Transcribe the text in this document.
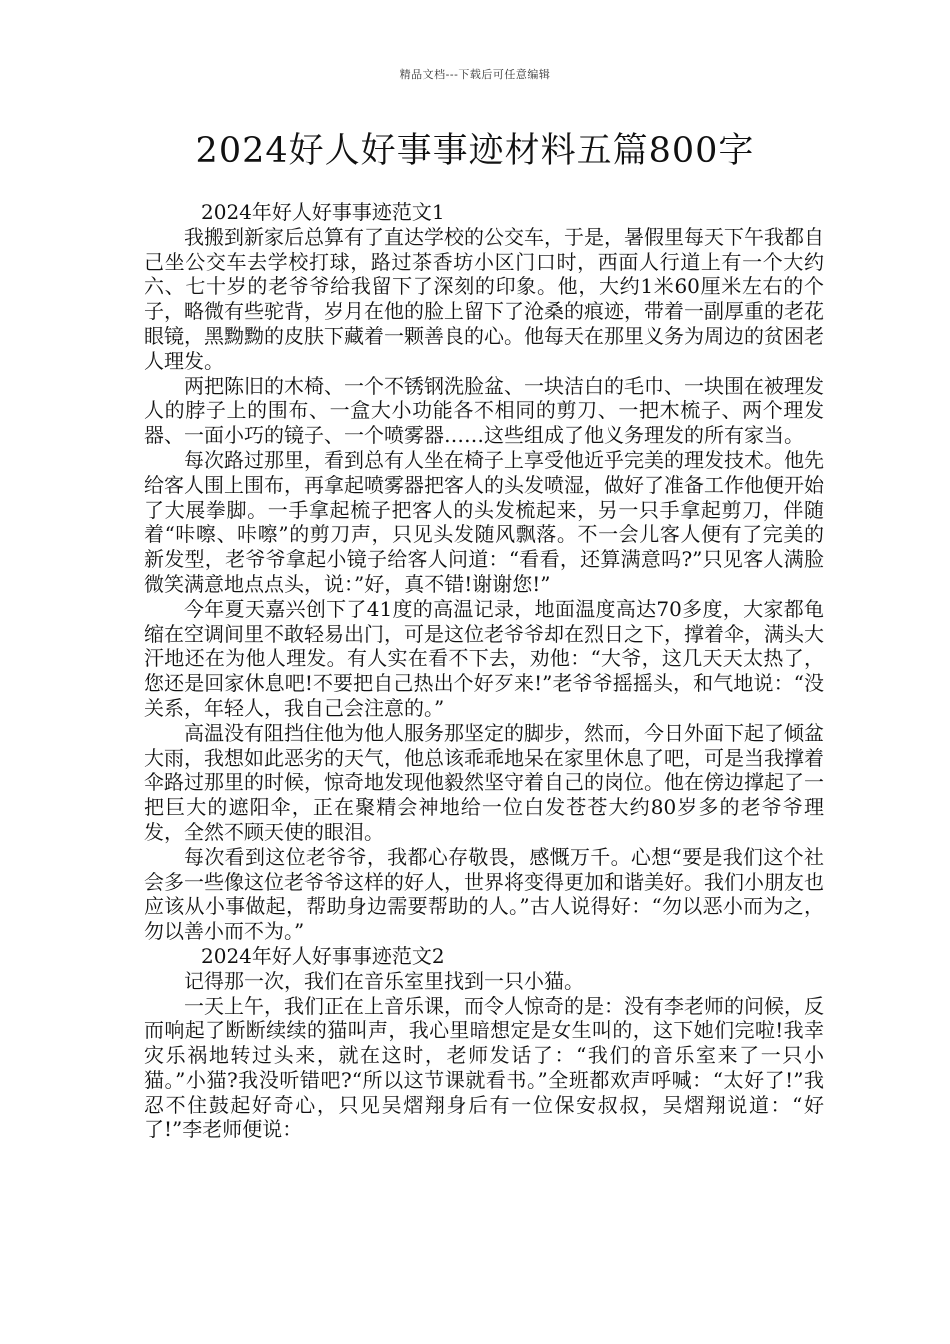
精品文档---下载后可任意编辑
2024好人好事事迹材料五篇800字

2024年好人好事事迹范文1

我搬到新家后总算有了直达学校的公交车，于是，暑假里每天下午我都自己坐公交车去学校打球，路过茶香坊小区门口时，西面人行道上有一个大约六、七十岁的老爷爷给我留下了深刻的印象。他，大约1米60厘米左右的个子，略微有些驼背，岁月在他的脸上留下了沧桑的痕迹，带着一副厚重的老花眼镜，黑黝黝的皮肤下藏着一颗善良的心。他每天在那里义务为周边的贫困老人理发。

两把陈旧的木椅、一个不锈钢洗脸盆、一块洁白的毛巾、一块围在被理发人的脖子上的围布、一盒大小功能各不相同的剪刀、一把木梳子、两个理发器、一面小巧的镜子、一个喷雾器……这些组成了他义务理发的所有家当。

每次路过那里，看到总有人坐在椅子上享受他近乎完美的理发技术。他先给客人围上围布，再拿起喷雾器把客人的头发喷湿，做好了准备工作他便开始了大展拳脚。一手拿起梳子把客人的头发梳起来，另一只手拿起剪刀，伴随着“咔嚓、咔嚓”的剪刀声，只见头发随风飘落。不一会儿客人便有了完美的新发型，老爷爷拿起小镜子给客人问道：“看看，还算满意吗?”只见客人满脸微笑满意地点点头，说：”好，真不错!谢谢您!”

今年夏天嘉兴创下了41度的高温记录，地面温度高达70多度，大家都龟缩在空调间里不敢轻易出门，可是这位老爷爷却在烈日之下，撑着伞，满头大汗地还在为他人理发。有人实在看不下去，劝他：“大爷，这几天天太热了，您还是回家休息吧!不要把自己热出个好歹来!”老爷爷摇摇头，和气地说：“没关系，年轻人，我自己会注意的。”

高温没有阻挡住他为他人服务那坚定的脚步，然而，今日外面下起了倾盆大雨，我想如此恶劣的天气，他总该乖乖地呆在家里休息了吧，可是当我撑着伞路过那里的时候，惊奇地发现他毅然坚守着自己的岗位。他在傍边撑起了一把巨大的遮阳伞，正在聚精会神地给一位白发苍苍大约80岁多的老爷爷理发，全然不顾天使的眼泪。

每次看到这位老爷爷，我都心存敬畏，感慨万千。心想“要是我们这个社会多一些像这位老爷爷这样的好人，世界将变得更加和谐美好。我们小朋友也应该从小事做起，帮助身边需要帮助的人。”古人说得好：“勿以恶小而为之，勿以善小而不为。”

2024年好人好事事迹范文2

记得那一次，我们在音乐室里找到一只小猫。

一天上午，我们正在上音乐课，而令人惊奇的是：没有李老师的问候，反而响起了断断续续的猫叫声，我心里暗想定是女生叫的，这下她们完啦!我幸灾乐祸地转过头来，就在这时，老师发话了：“我们的音乐室来了一只小猫。”小猫?我没听错吧?“所以这节课就看书。”全班都欢声呼喊：“太好了!”我忍不住鼓起好奇心，只见吴熠翔身后有一位保安叔叔，吴熠翔说道：“好了!”李老师便说：
